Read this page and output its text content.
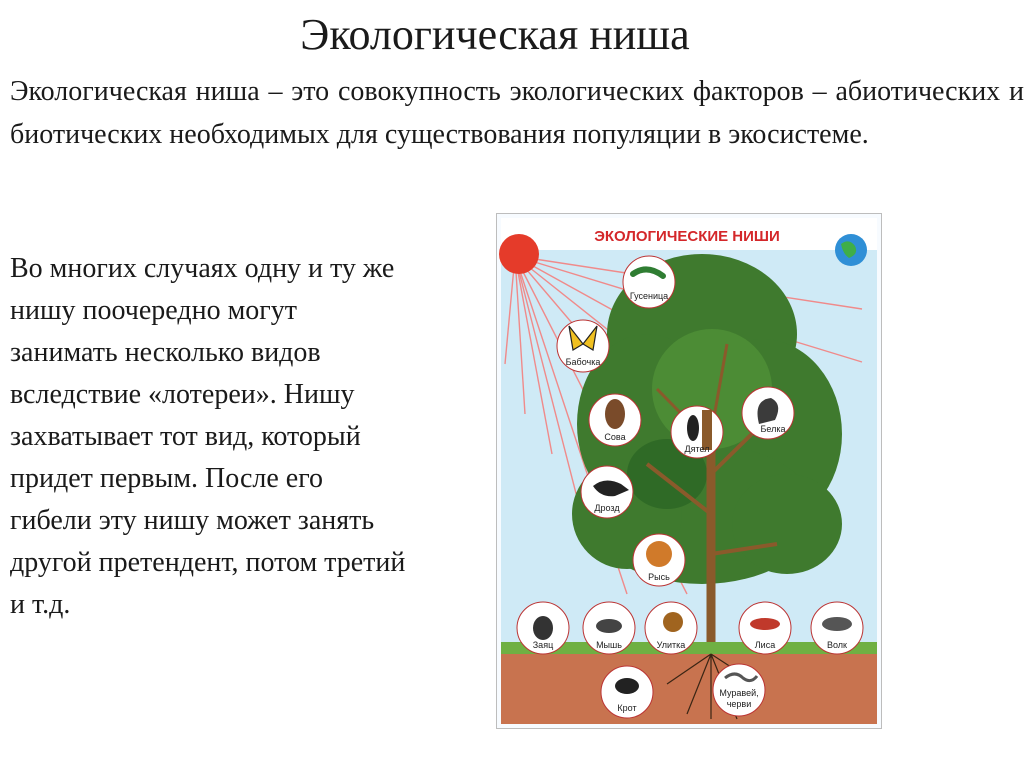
Экологическая ниша
Экологическая ниша – это совокупность экологических факторов – абиотических и биотических необходимых для существования популяции в экосистеме.
Во многих случаях одну и ту же нишу поочередно могут занимать несколько видов вследствие «лотереи». Нишу захватывает тот вид, который придет первым. После его гибели эту нишу может занять другой претендент, потом третий и т.д.
ЭКОЛОГИЧЕСКИЕ НИШИ
Гусеница
Бабочка
Сова
Дятел
Белка
Дрозд
Рысь
Заяц	Мышь	Улитка	Лиса	Волк
Крот
Муравей,
черви
